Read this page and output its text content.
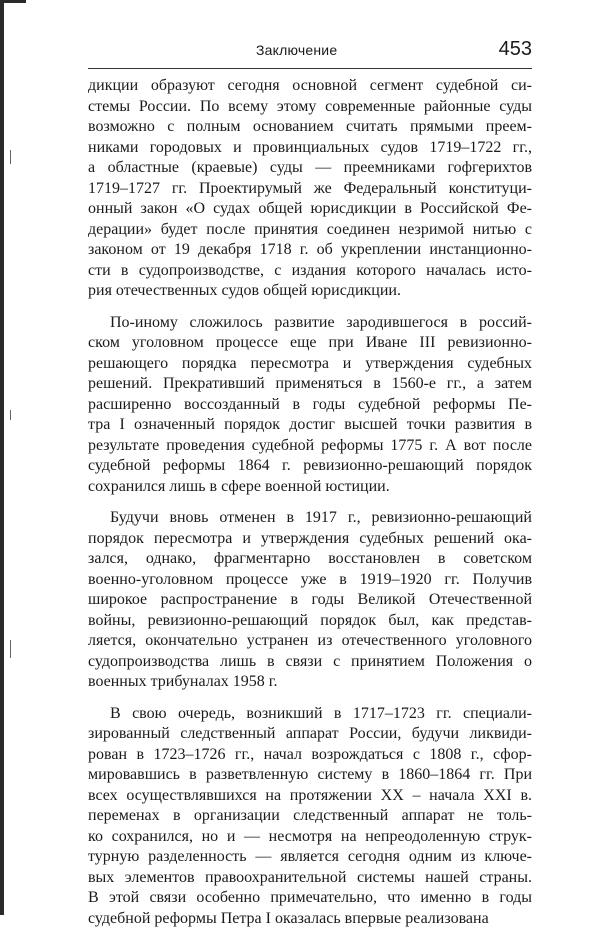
Заключение	453
дикции образуют сегодня основной сегмент судебной си-
стемы России. По всему этому современные районные суды
возможно с полным основанием считать прямыми преем-
никами городовых и провинциальных судов 1719–1722 гг.,
а областные (краевые) суды — преемниками гофгерихтов
1719–1727 гг. Проектирумый же Федеральный конституци-
онный закон «О судах общей юрисдикции в Российской Фе-
дерации» будет после принятия соединен незримой нитью с
законом от 19 декабря 1718 г. об укреплении инстанционно-
сти в судопроизводстве, с издания которого началась исто-
рия отечественных судов общей юрисдикции.
По-иному сложилось развитие зародившегося в россий-
ском уголовном процессе еще при Иване III ревизионно-
решающего порядка пересмотра и утверждения судебных
решений. Прекративший применяться в 1560-е гг., а затем
расширенно воссозданный в годы судебной реформы Пе-
тра I означенный порядок достиг высшей точки развития в
результате проведения судебной реформы 1775 г. А вот после
судебной реформы 1864 г. ревизионно-решающий порядок
сохранился лишь в сфере военной юстиции.
Будучи вновь отменен в 1917 г., ревизионно-решающий
порядок пересмотра и утверждения судебных решений ока-
зался, однако, фрагментарно восстановлен в советском
военно-уголовном процессе уже в 1919–1920 гг. Получив
широкое распространение в годы Великой Отечественной
войны, ревизионно-решающий порядок был, как представ-
ляется, окончательно устранен из отечественного уголовного
судопроизводства лишь в связи с принятием Положения о
военных трибуналах 1958 г.
В свою очередь, возникший в 1717–1723 гг. специали-
зированный следственный аппарат России, будучи ликвиди-
рован в 1723–1726 гг., начал возрождаться с 1808 г., сфор-
мировавшись в разветвленную систему в 1860–1864 гг. При
всех осуществлявшихся на протяжении XX – начала XXI в.
переменах в организации следственный аппарат не толь-
ко сохранился, но и — несмотря на непреодоленную струк-
турную разделенность — является сегодня одним из ключе-
вых элементов правоохранительной системы нашей страны.
В этой связи особенно примечательно, что именно в годы
судебной реформы Петра I оказалась впервые реализована
